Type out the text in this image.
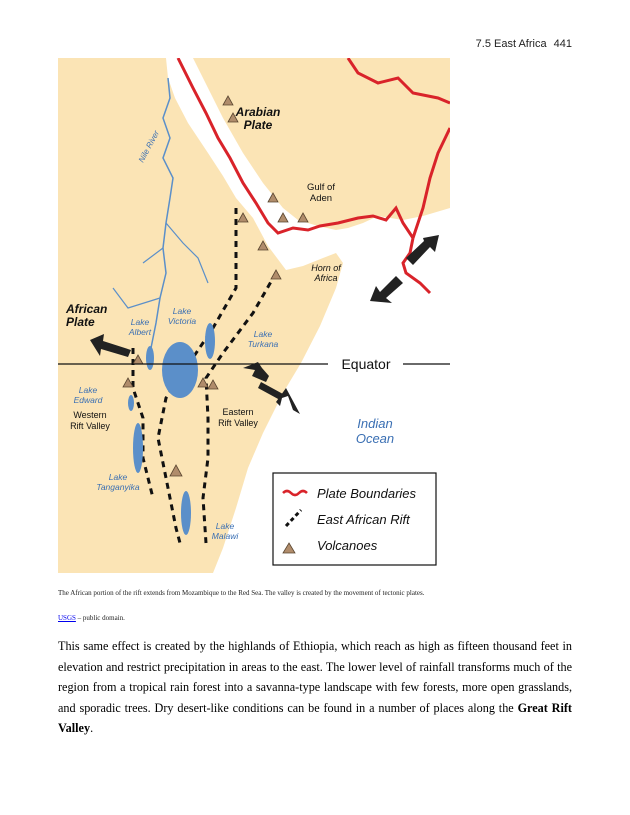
7.5 East Africa 441
Plate Boundaries
East African Rift
Volcanoes
Arabian Plate
African Plate
Gulf of Aden
Horn of Africa
Nile River
Lake Albert
Lake Victoria
Lake Turkana
Lake Edward
Western Rift Valley
Eastern Rift Valley
Lake Tanganyika
Lake Malawi
Equator
Indian Ocean
The African portion of the rift extends from Mozambique to the Red Sea. The valley is created by the movement of tectonic plates.
USGS – public domain.
This same effect is created by the highlands of Ethiopia, which reach as high as fifteen thousand feet in elevation and restrict precipitation in areas to the east. The lower level of rainfall transforms much of the region from a tropical rain forest into a savanna-type landscape with few forests, more open grasslands, and sporadic trees. Dry desert-like conditions can be found in a number of places along the Great Rift Valley.
